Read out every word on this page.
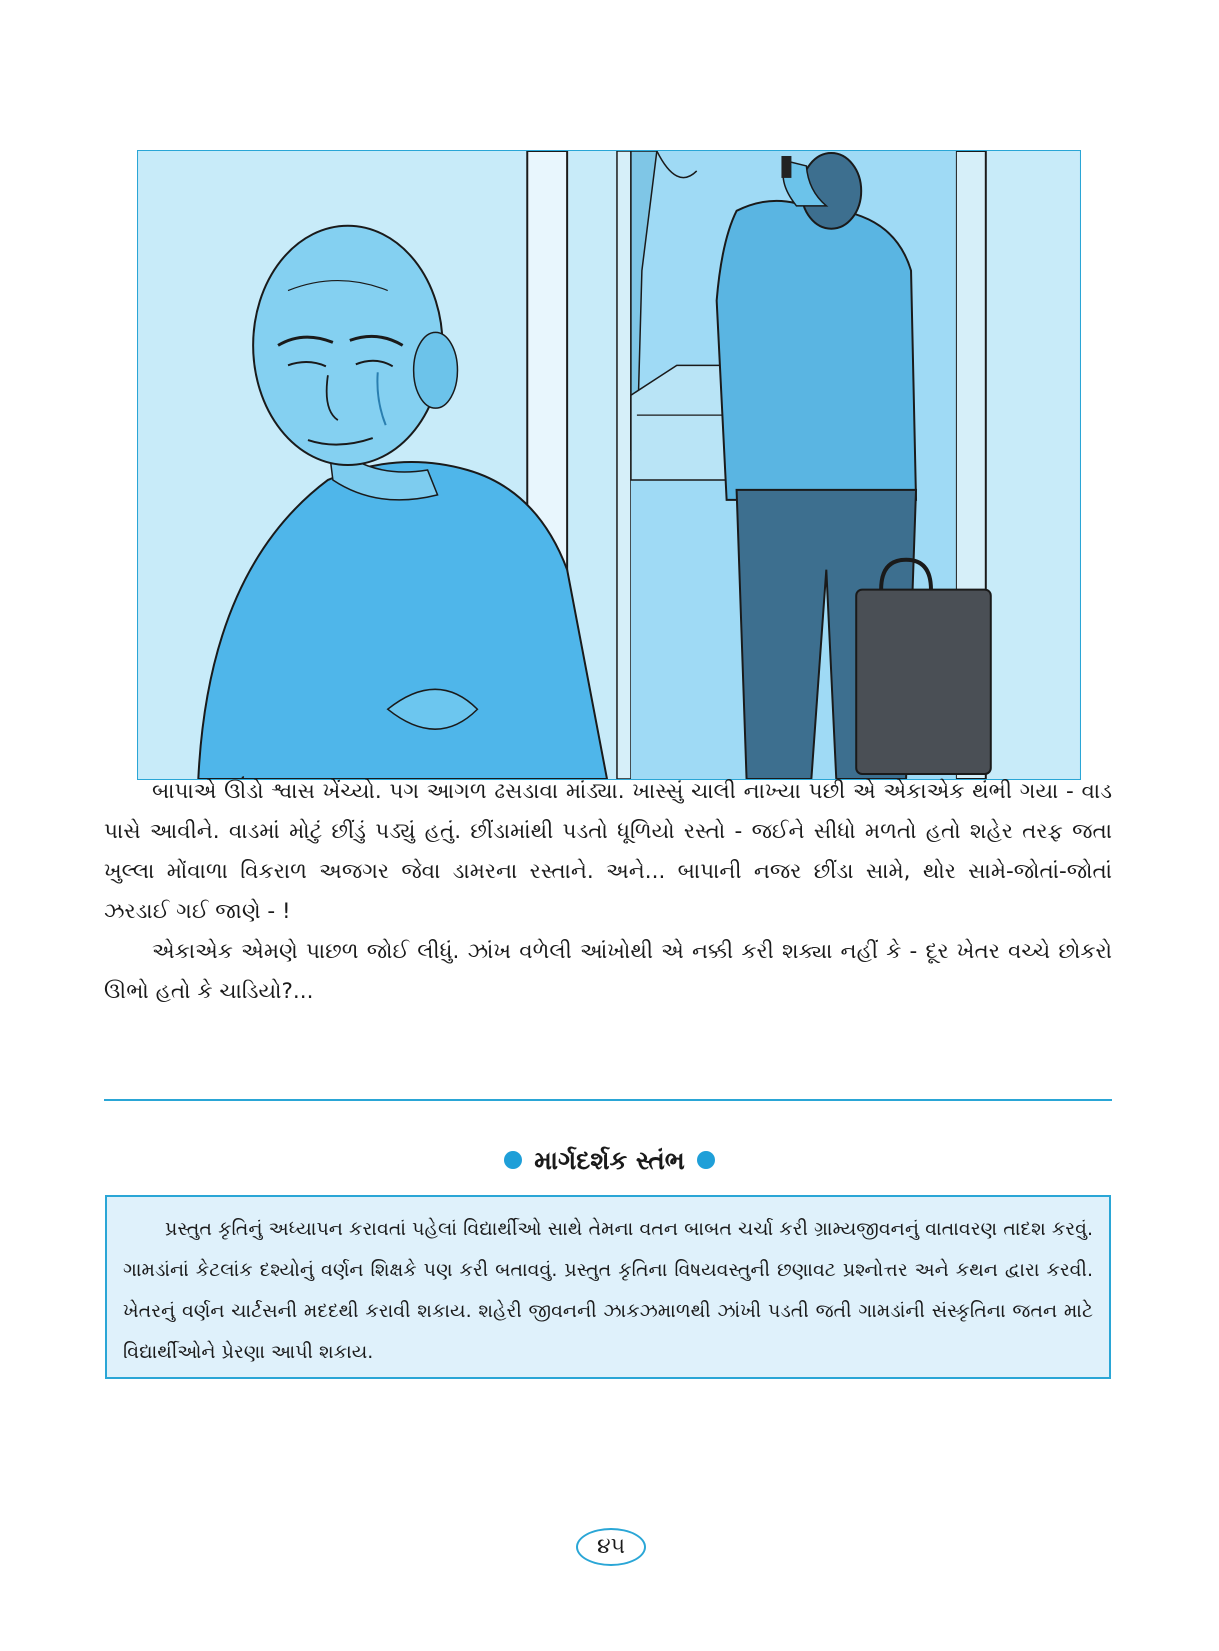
બાપાએ ઊંડો શ્વાસ ખેંચ્યો. પગ આગળ ઢસડાવા માંડ્યા. ખાસ્સું ચાલી નાખ્યા પછી એ એકાએક થંભી ગયા - વાડ પાસે આવીને. વાડમાં મોટું છીંડું પડ્યું હતું. છીંડામાંથી પડતો ધૂળિયો રસ્તો - જઈને સીધો મળતો હતો શહેર તરફ જતા ખુલ્લા મોંવાળા વિકરાળ અજગર જેવા ડામરના રસ્તાને. અને... બાપાની નજર છીંડા સામે, થોર સામે-જોતાં-જોતાં ઝરડાઈ ગઈ જાણે - !

એકાએક એમણે પાછળ જોઈ લીધું. ઝાંખ વળેલી આંખોથી એ નક્કી કરી શક્યા નહીં કે - દૂર ખેતર વચ્ચે છોકરો ઊભો હતો કે ચાડિયો?...

માર્ગદર્શક સ્તંભ

પ્રસ્તુત કૃતિનું અધ્યાપન કરાવતાં પહેલાં વિદ્યાર્થીઓ સાથે તેમના વતન બાબત ચર્ચા કરી ગ્રામ્યજીવનનું વાતાવરણ તાદશ કરવું. ગામડાંનાં કેટલાંક દશ્યોનું વર્ણન શિક્ષકે પણ કરી બતાવવું. પ્રસ્તુત કૃતિના વિષયવસ્તુની છણાવટ પ્રશ્નોત્તર અને કથન દ્વારા કરવી. ખેતરનું વર્ણન ચાર્ટસની મદદથી કરાવી શકાય. શહેરી જીવનની ઝાકઝમાળથી ઝાંખી પડતી જતી ગામડાંની સંસ્કૃતિના જતન માટે વિદ્યાર્થીઓને પ્રેરણા આપી શકાય.

૪૫
